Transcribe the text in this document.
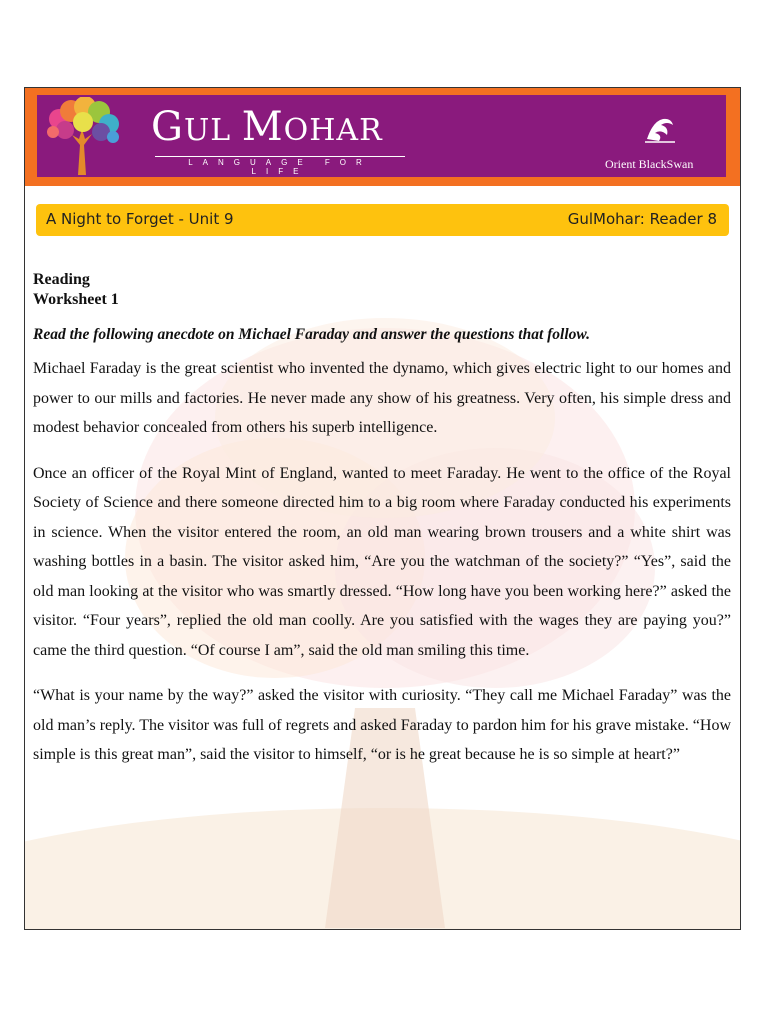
GUL MOHAR
LANGUAGE FOR LIFE
Orient BlackSwan
A Night to Forget - Unit 9	GulMohar: Reader 8

Reading

Worksheet 1

Read the following anecdote on Michael Faraday and answer the questions that follow.

Michael Faraday is the great scientist who invented the dynamo, which gives electric light to our homes and power to our mills and factories. He never made any show of his greatness. Very often, his simple dress and modest behavior concealed from others his superb intelligence.

Once an officer of the Royal Mint of England, wanted to meet Faraday. He went to the office of the Royal Society of Science and there someone directed him to a big room where Faraday conducted his experiments in science. When the visitor entered the room, an old man wearing brown trousers and a white shirt was washing bottles in a basin. The visitor asked him, “Are you the watchman of the society?” “Yes”, said the old man looking at the visitor who was smartly dressed. “How long have you been working here?” asked the visitor. “Four years”, replied the old man coolly. Are you satisfied with the wages they are paying you?” came the third question. “Of course I am”, said the old man smiling this time.

“What is your name by the way?” asked the visitor with curiosity. “They call me Michael Faraday” was the old man’s reply. The visitor was full of regrets and asked Faraday to pardon him for his grave mistake. “How simple is this great man”, said the visitor to himself, “or is he great because he is so simple at heart?”
